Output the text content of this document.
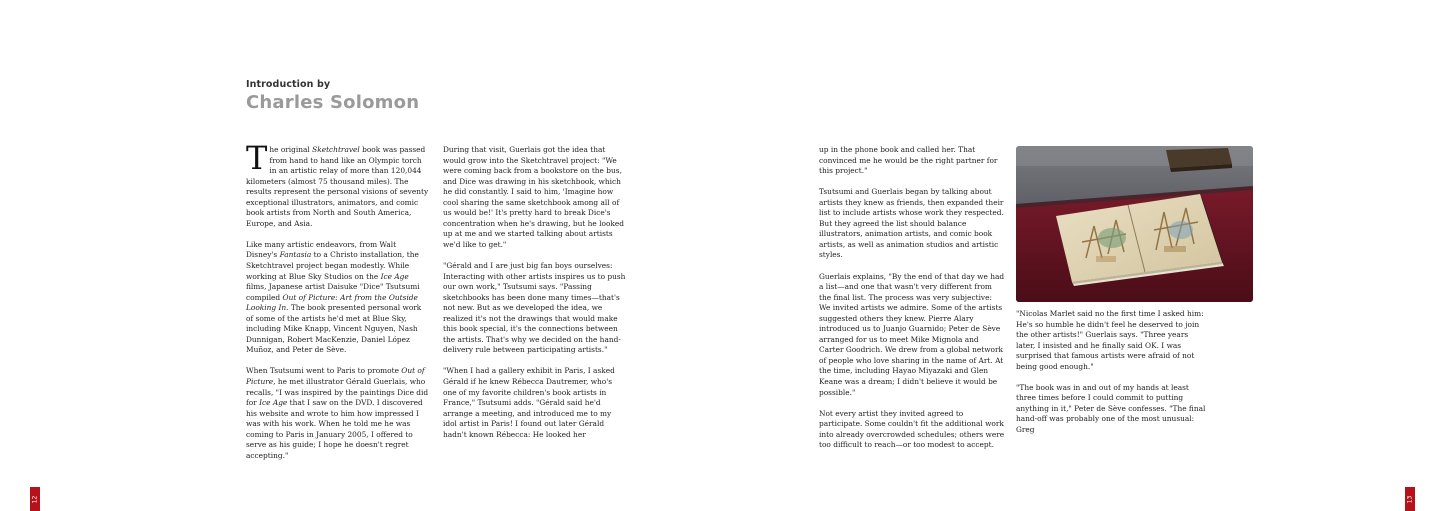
Introduction by
Charles Solomon

The original Sketchtravel book was passed from hand to hand like an Olympic torch in an artistic relay of more than 120,044 kilometers (almost 75 thousand miles). The results represent the personal visions of seventy exceptional illustrators, animators, and comic book artists from North and South America, Europe, and Asia.

Like many artistic endeavors, from Walt Disney's Fantasia to a Christo installation, the Sketchtravel project began modestly. While working at Blue Sky Studios on the Ice Age films, Japanese artist Daisuke "Dice" Tsutsumi compiled Out of Picture: Art from the Outside Looking In. The book presented personal work of some of the artists he'd met at Blue Sky, including Mike Knapp, Vincent Nguyen, Nash Dunnigan, Robert MacKenzie, Daniel López Muñoz, and Peter de Sève.

When Tsutsumi went to Paris to promote Out of Picture, he met illustrator Gérald Guerlais, who recalls, "I was inspired by the paintings Dice did for Ice Age that I saw on the DVD. I discovered his website and wrote to him how impressed I was with his work. When he told me he was coming to Paris in January 2005, I offered to serve as his guide; I hope he doesn't regret accepting."

During that visit, Guerlais got the idea that would grow into the Sketchtravel project: "We were coming back from a bookstore on the bus, and Dice was drawing in his sketchbook, which he did constantly. I said to him, 'Imagine how cool sharing the same sketchbook among all of us would be!' It's pretty hard to break Dice's concentration when he's drawing, but he looked up at me and we started talking about artists we'd like to get."

"Gérald and I are just big fan boys ourselves: Interacting with other artists inspires us to push our own work," Tsutsumi says. "Passing sketchbooks has been done many times—that's not new. But as we developed the idea, we realized it's not the drawings that would make this book special, it's the connections between the artists. That's why we decided on the hand-delivery rule between participating artists."

"When I had a gallery exhibit in Paris, I asked Gérald if he knew Rébecca Dautremer, who's one of my favorite children's book artists in France," Tsutsumi adds. "Gérald said he'd arrange a meeting, and introduced me to my idol artist in Paris! I found out later Gérald hadn't known Rébecca: He looked her

up in the phone book and called her. That convinced me he would be the right partner for this project."

Tsutsumi and Guerlais began by talking about artists they knew as friends, then expanded their list to include artists whose work they respected. But they agreed the list should balance illustrators, animation artists, and comic book artists, as well as animation studios and artistic styles.

Guerlais explains, "By the end of that day we had a list—and one that wasn't very different from the final list. The process was very subjective: We invited artists we admire. Some of the artists suggested others they knew. Pierre Alary introduced us to Juanjo Guarnido; Peter de Sève arranged for us to meet Mike Mignola and Carter Goodrich. We drew from a global network of people who love sharing in the name of Art. At the time, including Hayao Miyazaki and Glen Keane was a dream; I didn't believe it would be possible."

Not every artist they invited agreed to participate. Some couldn't fit the additional work into already overcrowded schedules; others were too difficult to reach—or too modest to accept.

"Nicolas Marlet said no the first time I asked him: He's so humble he didn't feel he deserved to join the other artists!" Guerlais says. "Three years later, I insisted and he finally said OK. I was surprised that famous artists were afraid of not being good enough."

"The book was in and out of my hands at least three times before I could commit to putting anything in it," Peter de Sève confesses. "The final hand-off was probably one of the most unusual: Greg

12	13
